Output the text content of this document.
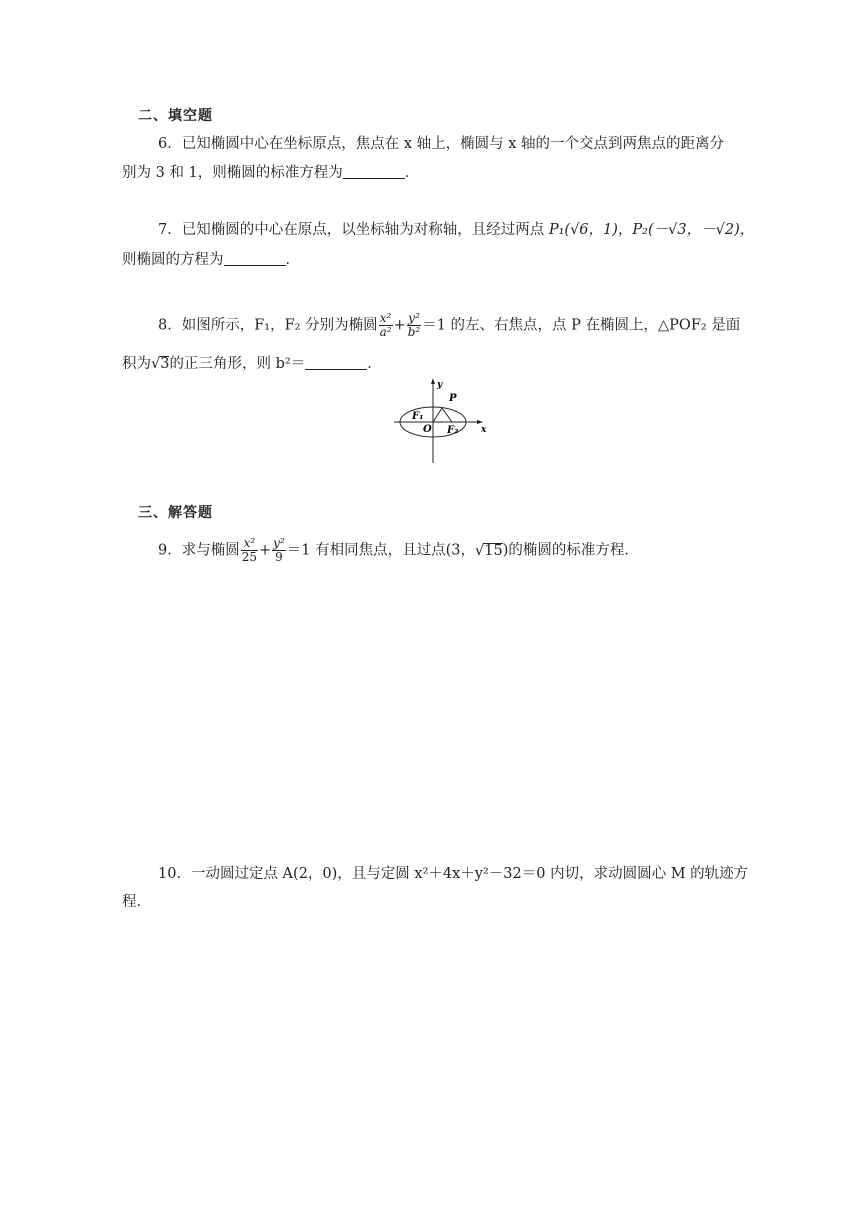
二、填空题
6．已知椭圆中心在坐标原点，焦点在 x 轴上，椭圆与 x 轴的一个交点到两焦点的距离分
别为 3 和 1，则椭圆的标准方程为	．
7．已知椭圆的中心在原点，以坐标轴为对称轴，且经过两点 P₁(√6，1)，P₂(－√3，－√2)，
则椭圆的方程为	．
8．如图所示，F₁，F₂ 分别为椭圆 $\frac{\text{x²}}{\text{a²}} + \frac{\text{y²}}{\text{b²}} =1$ 的左、右焦点，点 P 在椭圆上，△POF₂ 是面
积为√3的正三角形，则 b²＝	．
y
x
P
F₁
O F₂
三、解答题
9．求与椭圆 $\frac{\text{x²}}{25} + \frac{\text{y²}}{9} =1$ 有相同焦点，且过点(3，√15)的椭圆的标准方程．
10．一动圆过定点 A(2，0)，且与定圆 x²＋4x＋y²－32＝0 内切，求动圆圆心 M 的轨迹方
程．
